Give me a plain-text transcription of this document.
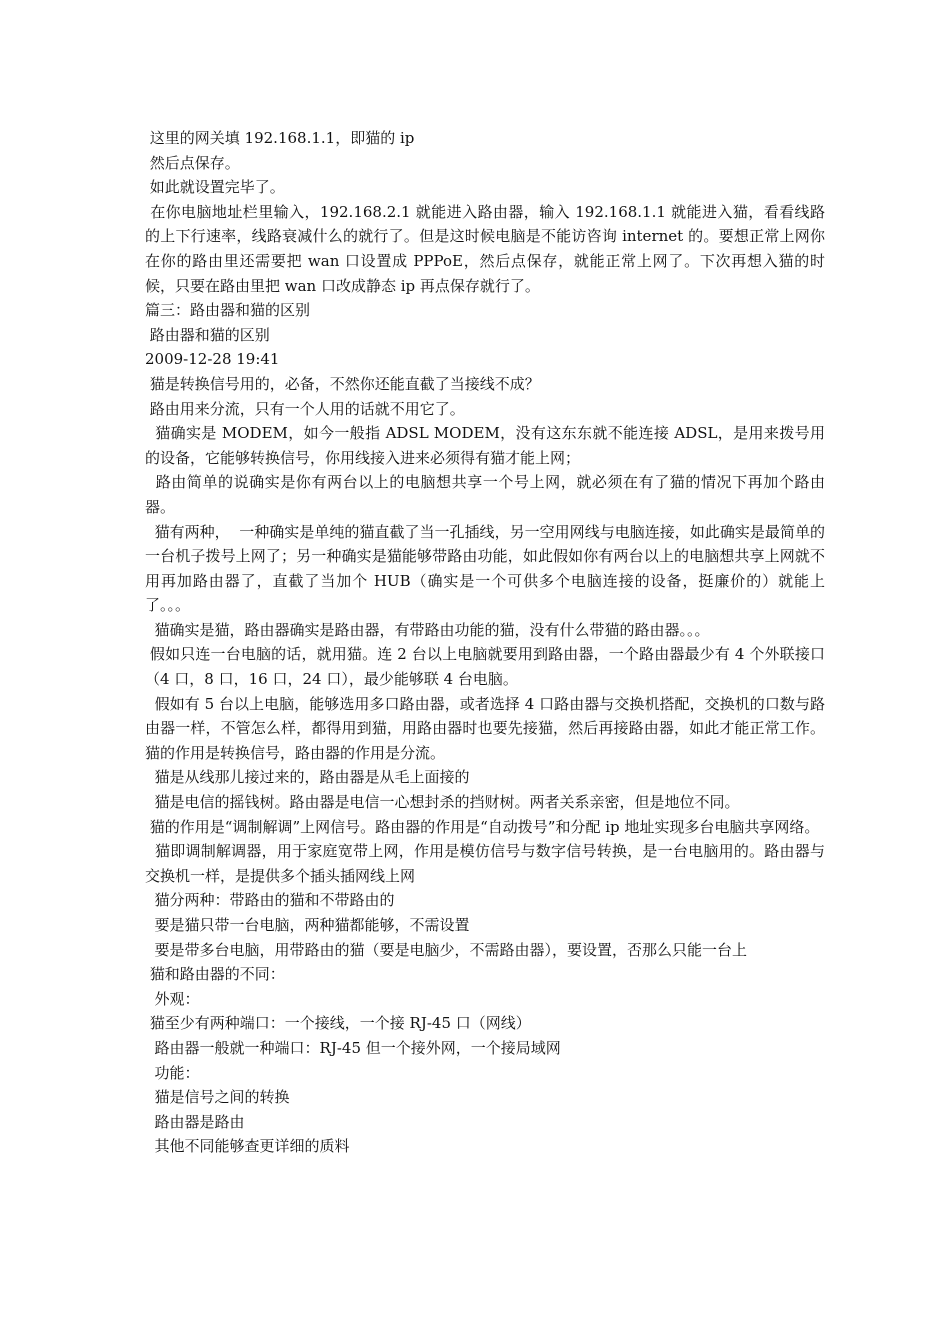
这里的网关填 192.168.1.1，即猫的 ip

然后点保存。

如此就设置完毕了。

在你电脑地址栏里输入，192.168.2.1 就能进入路由器，输入 192.168.1.1 就能进入猫，看看线路的上下行速率，线路衰减什么的就行了。但是这时候电脑是不能访咨询 internet 的。要想正常上网你在你的路由里还需要把 wan 口设置成 PPPoE，然后点保存，就能正常上网了。下次再想入猫的时候，只要在路由里把 wan 口改成静态 ip 再点保存就行了。

篇三：路由器和猫的区别

路由器和猫的区别

2009-12-28 19:41

猫是转换信号用的，必备，不然你还能直截了当接线不成？

路由用来分流，只有一个人用的话就不用它了。

猫确实是 MODEM，如今一般指 ADSL MODEM，没有这东东就不能连接 ADSL，是用来拨号用的设备，它能够转换信号，你用线接入进来必须得有猫才能上网；

路由简单的说确实是你有两台以上的电脑想共享一个号上网，就必须在有了猫的情况下再加个路由器。

猫有两种，  一种确实是单纯的猫直截了当一孔插线，另一空用网线与电脑连接，如此确实是最简单的一台机子拨号上网了；另一种确实是猫能够带路由功能，如此假如你有两台以上的电脑想共享上网就不用再加路由器了，直截了当加个 HUB（确实是一个可供多个电脑连接的设备，挺廉价的）就能上了。。。

猫确实是猫，路由器确实是路由器，有带路由功能的猫，没有什么带猫的路由器。。。

假如只连一台电脑的话，就用猫。连 2 台以上电脑就要用到路由器，一个路由器最少有 4 个外联接口（4 口，8 口，16 口，24 口），最少能够联 4 台电脑。

假如有 5 台以上电脑，能够选用多口路由器，或者选择 4 口路由器与交换机搭配，交换机的口数与路由器一样，不管怎么样，都得用到猫，用路由器时也要先接猫，然后再接路由器，如此才能正常工作。猫的作用是转换信号，路由器的作用是分流。

猫是从线那儿接过来的，路由器是从毛上面接的

猫是电信的摇钱树。路由器是电信一心想封杀的挡财树。两者关系亲密，但是地位不同。

猫的作用是“调制解调”上网信号。路由器的作用是“自动拨号”和分配 ip 地址实现多台电脑共享网络。

猫即调制解调器，用于家庭宽带上网，作用是模仿信号与数字信号转换，是一台电脑用的。路由器与交换机一样，是提供多个插头插网线上网

猫分两种：带路由的猫和不带路由的

要是猫只带一台电脑，两种猫都能够，不需设置

要是带多台电脑，用带路由的猫（要是电脑少，不需路由器），要设置，否那么只能一台上

猫和路由器的不同：

外观：

猫至少有两种端口：一个接线，一个接 RJ-45 口（网线）

路由器一般就一种端口：RJ-45 但一个接外网，一个接局域网

功能：

猫是信号之间的转换

路由器是路由

其他不同能够查更详细的质料
